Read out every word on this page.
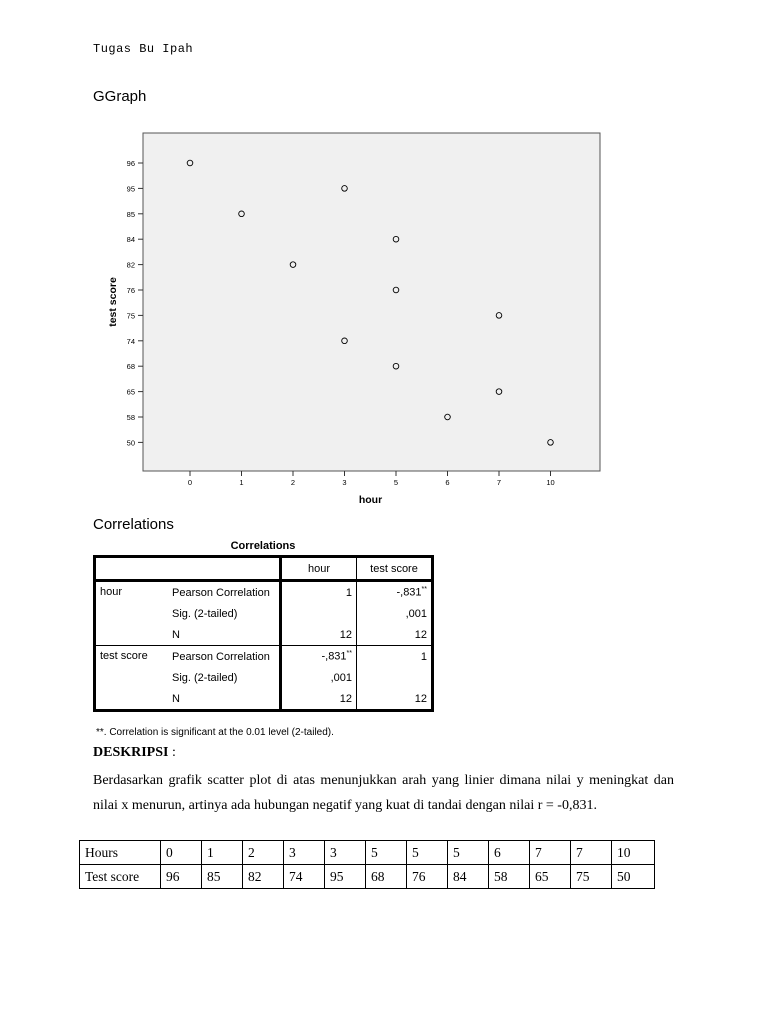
Tugas Bu Ipah
GGraph
96
95
85
84
82
76
75
74
68
65
58
50
0	1	2	3	5	6	7	10
hour
test score
Correlations
Correlations
		hour	test score
hour	Pearson Correlation	1	-,831**
	Sig. (2-tailed)		,001
	N	12	12
test score	Pearson Correlation	-,831**	1
	Sig. (2-tailed)	,001	
	N	12	12
**. Correlation is significant at the 0.01 level (2-tailed).
DESKRIPSI :
Berdasarkan grafik scatter plot di atas menunjukkan arah yang linier dimana nilai y meningkat dan nilai x menurun, artinya ada hubungan negatif yang kuat di tandai dengan nilai r = -0,831.
Hours	0	1	2	3	3	5	5	5	6	7	7	10
Test score	96	85	82	74	95	68	76	84	58	65	75	50
